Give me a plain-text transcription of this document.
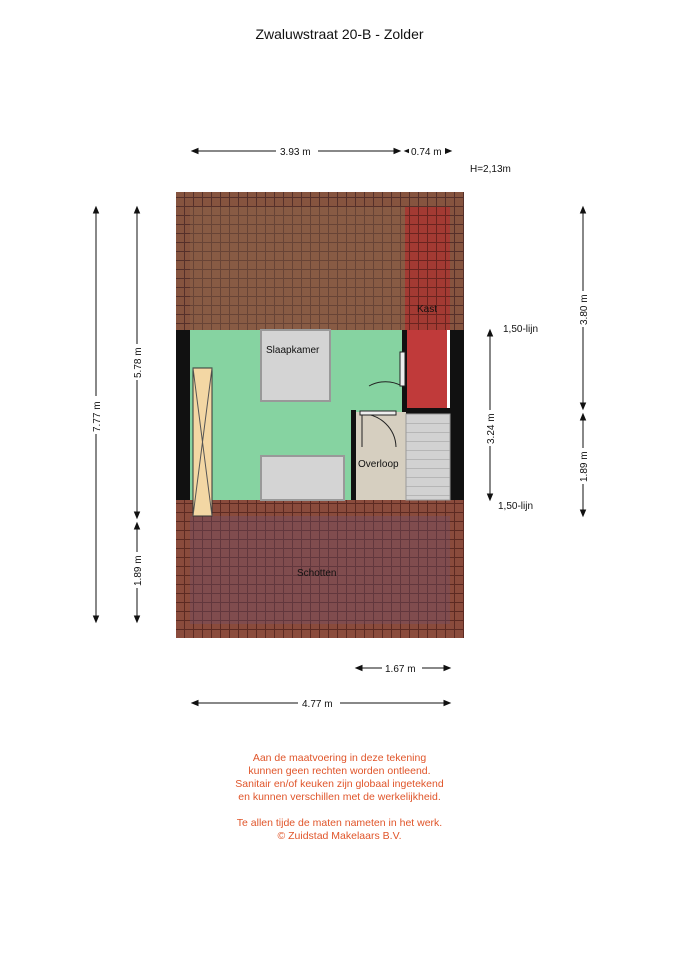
Zwaluwstraat 20-B - Zolder
Slaapkamer
Kast
Overloop
Schotten
3.93 m	0.74 m
H=2,13m
7.77 m
5.78 m
1.89 m
3.80 m
1.89 m
3.24 m
1,50-lijn
1,50-lijn
1.67 m
4.77 m
Aan de maatvoering in deze tekening
kunnen geen rechten worden ontleend.
Sanitair en/of keuken zijn globaal ingetekend
en kunnen verschillen met de werkelijkheid.

Te allen tijde de maten nameten in het werk.
© Zuidstad Makelaars B.V.
